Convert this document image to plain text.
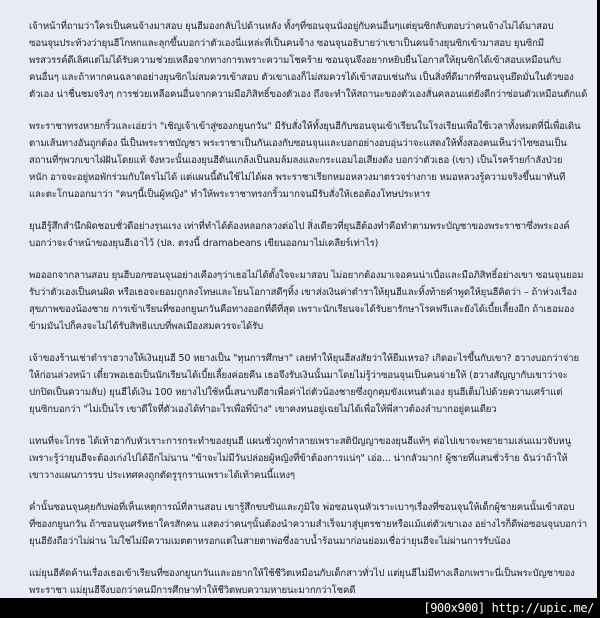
เจ้าหน้าที่ถามว่าใครเป็นคนจ้างมาสอบ ยุนฮีมองกลับไปด้านหลัง ทั้งๆที่ซอนจุนนั่งอยู่กับคนอื่นๆแต่ยุนซิกลับตอบว่าคนจ้างไม่ได้มาสอบ
ซอนจุนประท้วงว่ายุนฮีโกหกและลุกขึ้นบอกว่าตัวเองนี่แหล่ะที่เป็นคนจ้าง ซอนจุนอธิบายว่าเขาเป็นคนจ้างยุนซิกเข้ามาสอบ ยุนซิกมี
พรสวรรค์ดีเลิศแต่ไม่ได้รับความช่วยเหลือจากทางการเพราะความโชคร้าย ซอนจุนจึงอยากหยิบยื่นโอกาสให้ยุนซิกได้เข้าสอบเหมือนกับ
คนอื่นๆ และถ้าหากคนฉลาดอย่างยุนซิกไม่สมควรเข้าสอบ ตัวเขาเองก็ไม่สมควรได้เข้าสอบเช่นกัน เป็นสิ่งที่ดีมากที่ซอนจุนยึดมั่นในตัวของ
ตัวเอง น่าชื่นชมจริงๆ การช่วยเหลือคนอื่นจากความมือภิสิทธิ์ของตัวเอง ถึงจะทำให้สถานะของตัวเองสั่นคลอนแต่ยังดีกว่าซ่อนตัวเหมือนตักแด้
พระราชาทรงหายกริ้วและเอ่ยว่า "เชิญเจ้าเข้าสู่ซองกยูนกวัน" มีรับสั่งให้ทั้งยุนฮีกับซอนจุนเข้าเรียนในโรงเรียนเพื่อใช้เวลาทั้งหมดที่นี่เพื่อเดิน
ตามเส้นทางอันถูกต้อง นี่เป็นพระราชบัญชา พระราชาเป็นกันเองกับซอนจุนและบอกอย่างอบอุ่นว่าจะแสดงให้ทั้งสองคนเห็นว่าไซซอนเป็น
สถานที่ๆพวกเขาไฝ่ฝันโดยแท้ จังหวะนั้นเองยุนฮีดันแกล้งเป็นลมล้มลงและกระแอมไอเสียงดัง บอกว่าตัวเธอ (เขา) เป็นโรคร้ายกำลังป่วย
หนัก อาจจะอยู่หอพักร่วมกับใครไม่ได้ แต่แผนนี้ดันใช้ไม่ได้ผล พระราชาเรียกหมอหลวงมาตรวจร่างกาย หมอหลวงรู้ความจริงขึ้นมาทันที
และตะโกนออกมาว่า "คนๆนี้เป็นผู้หญิง" ทำให้พระราชาทรงกริ้วมากจนมีรับสั่งให้เธอต้องโทษประหาร
ยุนฮีรู้สึกสำนึกผิดชอบชั่วดีอย่างรุนแรง เท่าที่ทำได้ต้องหลอกลวงต่อไป สิ่งเดียวที่ยุนฮีต้องทำคือทำตามพระบัญชาของพระราชาซึ่งพระองค์
บอกว่าจะจำหน้าของยุนฮีเอาไว้ (ปล. ตรงนี้ dramabeans เขียนออกมาไม่เคลียร์เท่าไร)
พอออกจากลานสอบ ยุนฮีบอกซอนจุนอย่างเคืองๆว่าเธอไม่ได้ตั้งใจจะมาสอบ ไม่อยากต้องมาเจอคนน่าเบื่อและมือภิสิทธิ์อย่างเขา ซอนจุนยอม
รับว่าตัวเองเป็นคนผิด หรือเธอจะยอมถูกลงโทษและโยนโอกาสดีๆทิ้ง เขาส่งเงินค่าตำราให้ยุนฮีและทิ้งท้ายคำพูดให้ยุนฮีคิดว่า – ถ้าห่วงเรื่อง
สุขภาพของน้องชาย การเข้าเรียนที่ซองกยูนกวันคือทางออกที่ดีที่สุด เพราะนักเรียนจะได้รับยารักษาโรคฟรีและยังได้เบี้ยเลี้ยงอีก ถ้าเธอมอง
ข้ามมันไปก็คงจะไม่ได้รับสิทธิแบบที่พลเมืองสมควรจะได้รับ
เจ้าของร้านเช่าตำราฮวางให้เงินยุนฮี 50 หยางเป็น "ทุนการศึกษา" เลยทำให้ยุนฮีสงสัยว่าให้ยืมเหรอ? เกิดอะไรขึ้นกับเขา? ฮวางบอกว่าจ่าย
ให้ก่อนล่วงหน้า เดี๋ยวพอเธอเป็นนักเรียนได้เบี้ยเลี้ยงค่อยคืน เธอจึงรับเงินนั้นมาโดยไม่รู้ว่าซอนจุนเป็นคนจ่ายให้ (ฮวางสัญญากับเขาว่าจะ
ปกปิดเป็นความลับ) ยุนฮีได้เงิน 100 หยางไปใช้หนี้เสนาบดีฮาเพื่อค่าไถ่ตัวน้องชายซึ่งถูกคุมขังแทนตัวเอง ยุนฮีเต็มไปด้วยความเศร้าแต่
ยุนซิกบอกว่า "ไม่เป็นไร เขาดีใจที่ตัวเองได้ทำอะไรเพื่อพี่บ้าง" เขาคงทนอยู่เฉยไม่ได้เพื่อให้พี่สาวต้องลำบากอยู่คนเดียว
แทนที่จะโกรธ ได้เท้าฮากับหัวเราะการกระทำของยุนฮี แผนชั่วถูกทำลายเพราะสติปัญญาของยุนฮีแท้ๆ ต่อไปเขาจะพยายามเล่นแมวจับหนู
เพราะรู้ว่ายุนฮีจะต้องเก่งไปได้อีกไม่นาน "ข้าจะไม่มีวันปล่อยผู้หญิงที่ข้าต้องการแน่ๆ" เอ่อ... น่ากลัวมาก! ผู้ชายที่แสนชั่วร้าย ฉันว่าถ้าให้
เขาวางแผนการรบ ประเทศคงถูกตัดรูรุกรานเพราะได้เท้าคนนี้แหงๆ
ค่ำนั้นซอนจุนคุยกับพ่อที่เห็นเหตุการณ์ที่ลานสอบ เขารู้สึกขบขันและภูมิใจ พ่อซอนจุนหัวเราะเบาๆเรื่องที่ซอนจุนให้เด็กผู้ชายคนนั้นเข้าสอบ
ที่ซองกยูนกวัน ถ้าซอนจุนศรัทธาใครสักคน แสดงว่าคนๆนั้นต้องนำความสำเร็จมาสู่บุตรชายหรือแม้แต่ตัวเขาเอง อย่างไรก็ดีพ่อซอนจุนบอกว่า
ยุนฮียังถือว่าไม่ผ่าน ไม่ใช่ไม่มีความเมตตาหรอกแต่ในสายตาพ่อซึ่งอาบน้ำร้อนมาก่อนย่อมเชื่อว่ายุนฮีจะไม่ผ่านการรับน้อง
แม่ยุนฮีคัดค้านเรื่องเธอเข้าเรียนที่ซองกยูนกวันและอยากให้ใช้ชีวิตเหมือนกับเด็กสาวทั่วไป แต่ยุนฮีไม่มีทางเลือกเพราะนี่เป็นพระบัญชาของ
พระราชา แม่ยุนฮีจึงบอกว่าคนมีการศึกษาทำให้ชีวิตพบความหายนะมากกว่าโชคดี
[900x900] http://upic.me/
